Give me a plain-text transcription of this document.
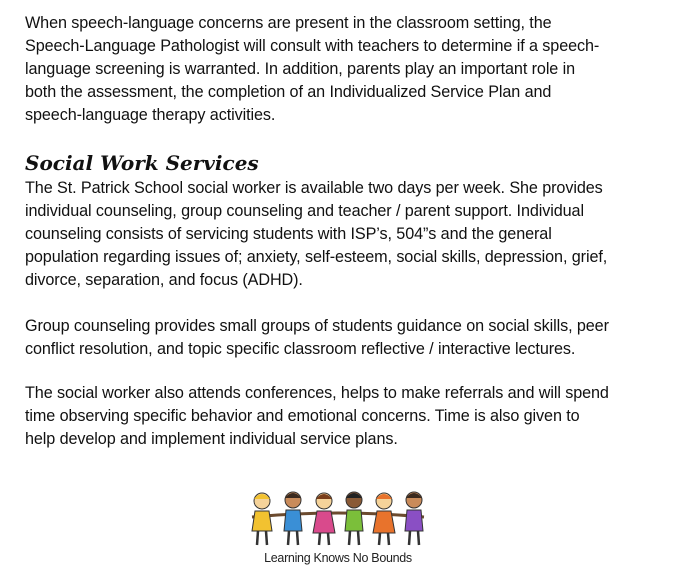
When speech-language concerns are present in the classroom setting, the
Speech-Language Pathologist will consult with teachers to determine if a speech-
language screening is warranted. In addition, parents play an important role in
both the assessment, the completion of an Individualized Service Plan and
speech-language therapy activities.

Social Work Services

The St. Patrick School social worker is available two days per week. She provides
individual counseling, group counseling and teacher / parent support. Individual
counseling consists of servicing students with ISP’s, 504”s and the general
population regarding issues of; anxiety, self-esteem, social skills, depression, grief,
divorce, separation, and focus (ADHD).

Group counseling provides small groups of students guidance on social skills, peer
conflict resolution, and topic specific classroom reflective / interactive lectures.

The social worker also attends conferences, helps to make referrals and will spend
time observing specific behavior and emotional concerns. Time is also given to
help develop and implement individual service plans.

Learning Knows No Bounds
